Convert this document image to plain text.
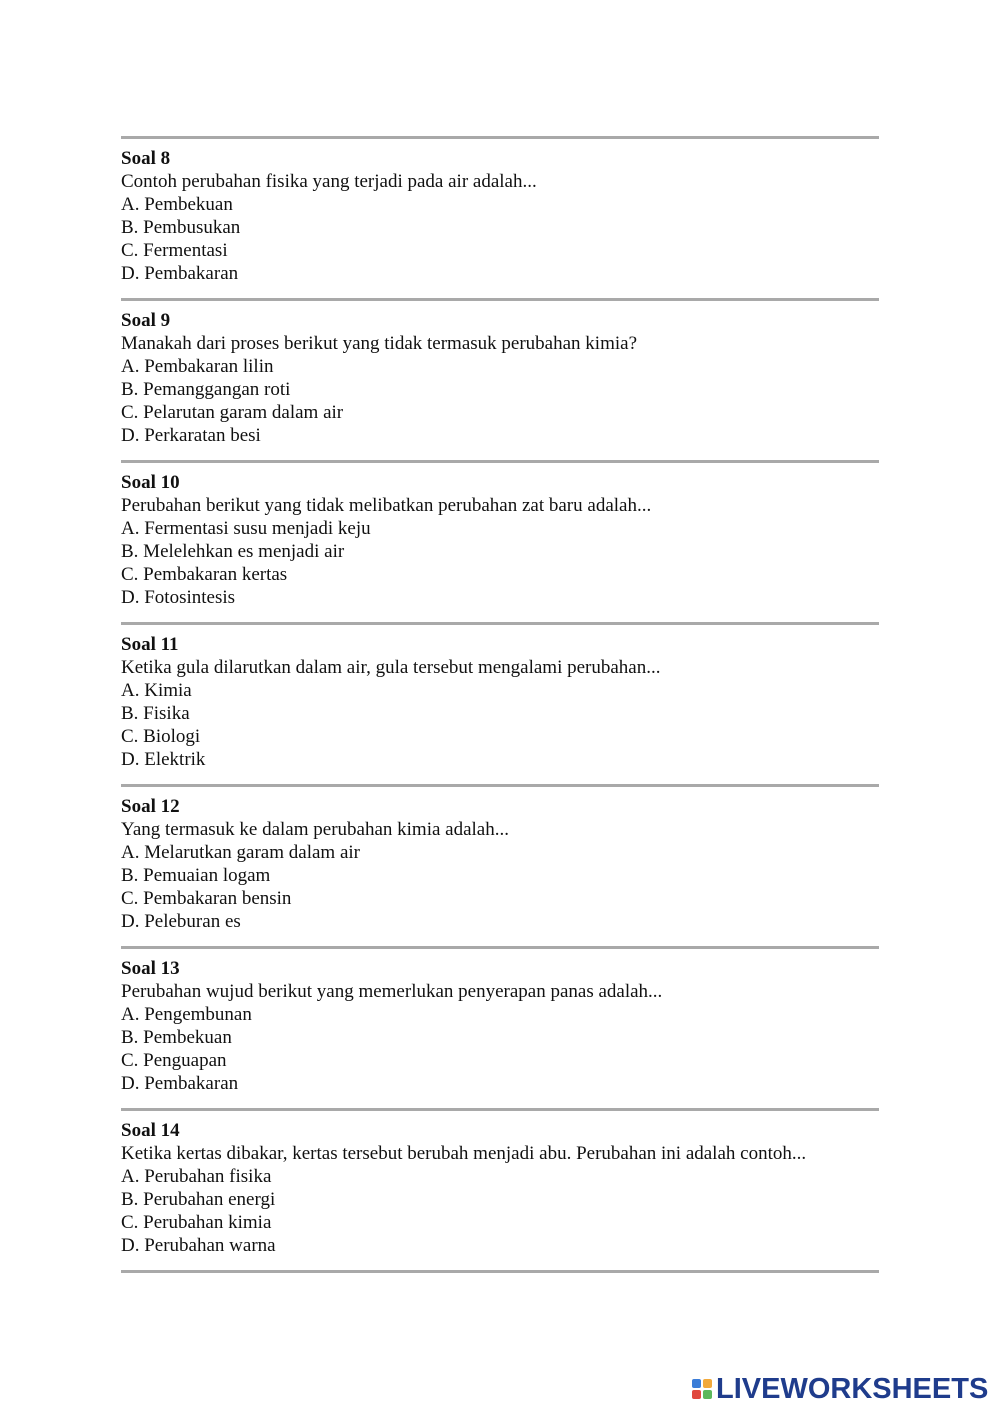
Soal 8
Contoh perubahan fisika yang terjadi pada air adalah...
A. Pembekuan
B. Pembusukan
C. Fermentasi
D. Pembakaran
Soal 9
Manakah dari proses berikut yang tidak termasuk perubahan kimia?
A. Pembakaran lilin
B. Pemanggangan roti
C. Pelarutan garam dalam air
D. Perkaratan besi
Soal 10
Perubahan berikut yang tidak melibatkan perubahan zat baru adalah...
A. Fermentasi susu menjadi keju
B. Melelehkan es menjadi air
C. Pembakaran kertas
D. Fotosintesis
Soal 11
Ketika gula dilarutkan dalam air, gula tersebut mengalami perubahan...
A. Kimia
B. Fisika
C. Biologi
D. Elektrik
Soal 12
Yang termasuk ke dalam perubahan kimia adalah...
A. Melarutkan garam dalam air
B. Pemuaian logam
C. Pembakaran bensin
D. Peleburan es
Soal 13
Perubahan wujud berikut yang memerlukan penyerapan panas adalah...
A. Pengembunan
B. Pembekuan
C. Penguapan
D. Pembakaran
Soal 14
Ketika kertas dibakar, kertas tersebut berubah menjadi abu. Perubahan ini adalah contoh...
A. Perubahan fisika
B. Perubahan energi
C. Perubahan kimia
D. Perubahan warna
LIVEWORKSHEETS
